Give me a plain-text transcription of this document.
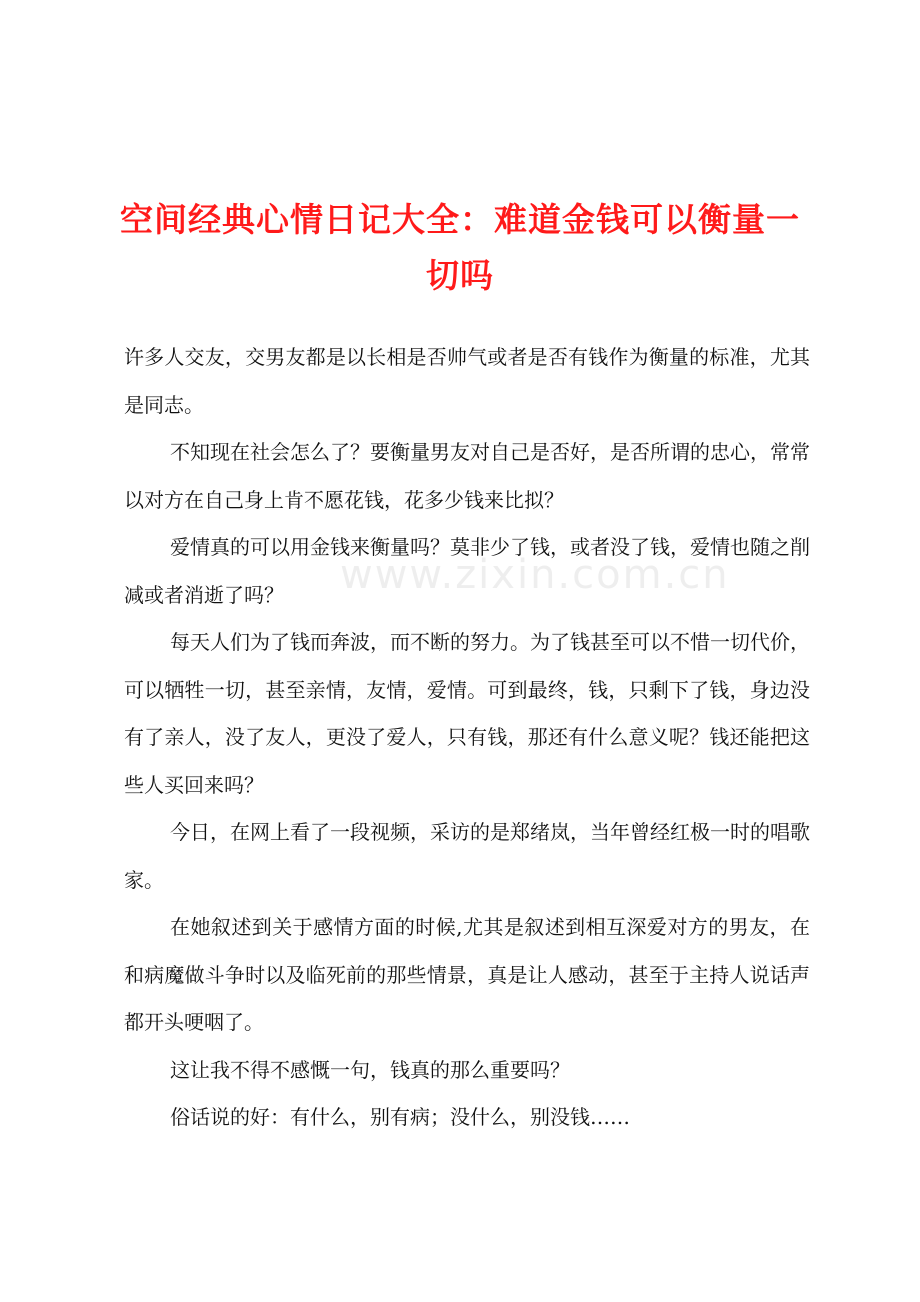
空间经典心情日记大全：难道金钱可以衡量一切吗
www.zixin.com.cn

许多人交友，交男友都是以长相是否帅气或者是否有钱作为衡量的标准，尤其是同志。

不知现在社会怎么了？要衡量男友对自己是否好，是否所谓的忠心，常常以对方在自己身上肯不愿花钱，花多少钱来比拟？

爱情真的可以用金钱来衡量吗？莫非少了钱，或者没了钱，爱情也随之削减或者消逝了吗？

每天人们为了钱而奔波，而不断的努力。为了钱甚至可以不惜一切代价，可以牺牲一切，甚至亲情，友情，爱情。可到最终，钱，只剩下了钱，身边没有了亲人，没了友人，更没了爱人，只有钱，那还有什么意义呢？钱还能把这些人买回来吗？

今日，在网上看了一段视频，采访的是郑绪岚，当年曾经红极一时的唱歌家。

在她叙述到关于感情方面的时候,尤其是叙述到相互深爱对方的男友，在和病魔做斗争时以及临死前的那些情景，真是让人感动，甚至于主持人说话声都开头哽咽了。

这让我不得不感慨一句，钱真的那么重要吗？

俗话说的好：有什么，别有病；没什么，别没钱……
